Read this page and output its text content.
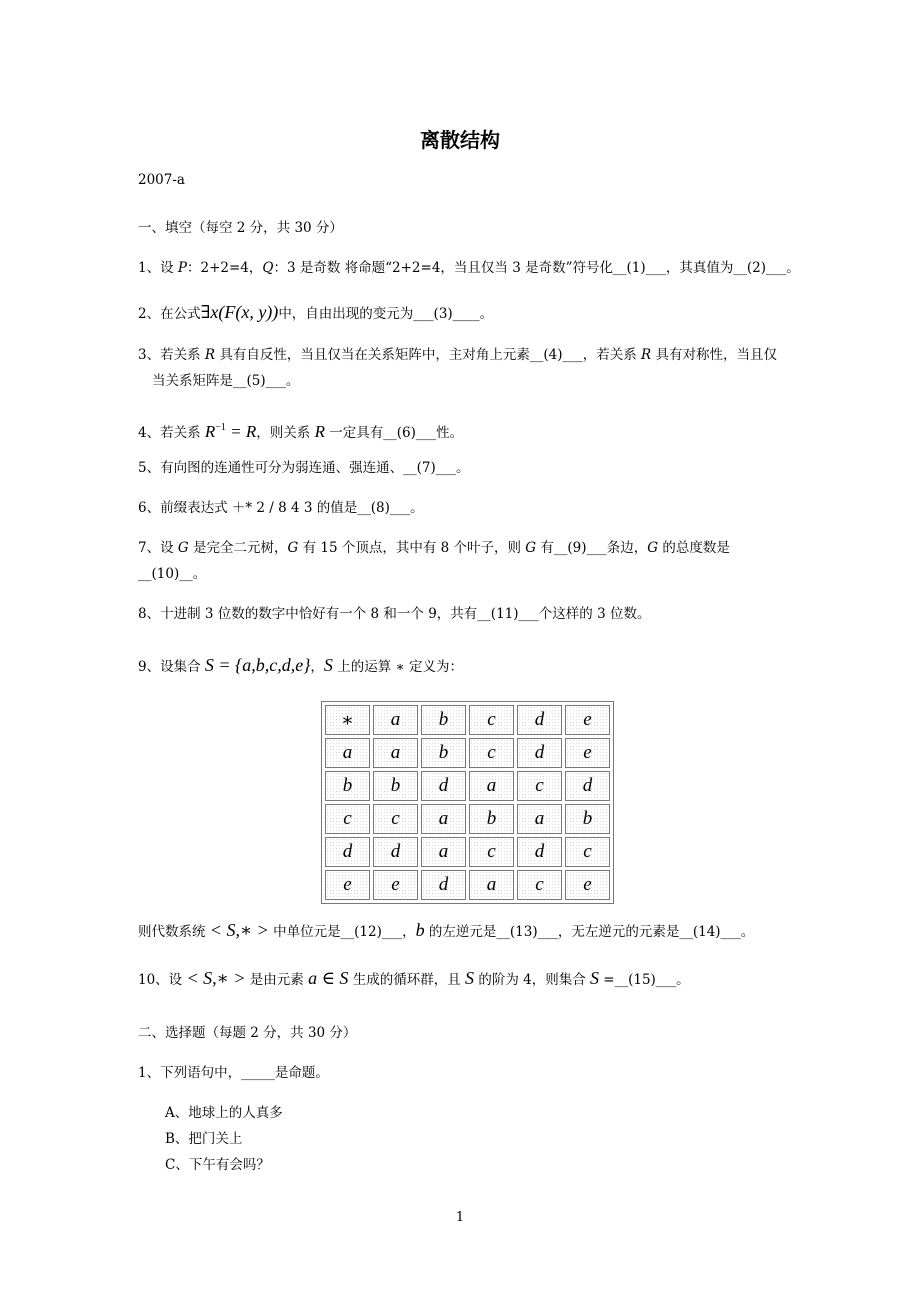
离散结构
2007-a
一、填空（每空 2 分，共 30 分）
1、设 P：2+2=4，Q：3 是奇数 将命题“2+2=4，当且仅当 3 是奇数”符号化__(1)___，其真值为__(2)___。
2、在公式∃x(F(x, y))中，自由出现的变元为___(3)____。
3、若关系 R 具有自反性，当且仅当在关系矩阵中，主对角上元素__(4)___，若关系 R 具有对称性，当且仅
当关系矩阵是__(5)___。
4、若关系 $R^{-1} = R$，则关系 R 一定具有__(6)___性。
5、有向图的连通性可分为弱连通、强连通、__(7)___。
6、前缀表达式 ＋* 2 / 8 4 3 的值是__(8)___。
7、设 G 是完全二元树，G 有 15 个顶点，其中有 8 个叶子，则 G 有__(9)___条边，G 的总度数是
__(10)__。
8、十进制 3 位数的数字中恰好有一个 8 和一个 9，共有__(11)___个这样的 3 位数。
9、设集合 S = {a,b,c,d,e}，S 上的运算 ∗ 定义为：
∗	a	b	c	d	e
a	a	b	c	d	e
b	b	d	a	c	d
c	c	a	b	a	b
d	d	a	c	d	c
e	e	d	a	c	e
则代数系统 < S,∗ > 中单位元是__(12)___，b 的左逆元是__(13)___，无左逆元的元素是__(14)___。
10、设 < S,∗ > 是由元素 a ∈ S 生成的循环群，且 S 的阶为 4，则集合 S =__(15)___。
二、选择题（每题 2 分，共 30 分）
1、下列语句中，_____是命题。
A、地球上的人真多
B、把门关上
C、下午有会吗？
1
